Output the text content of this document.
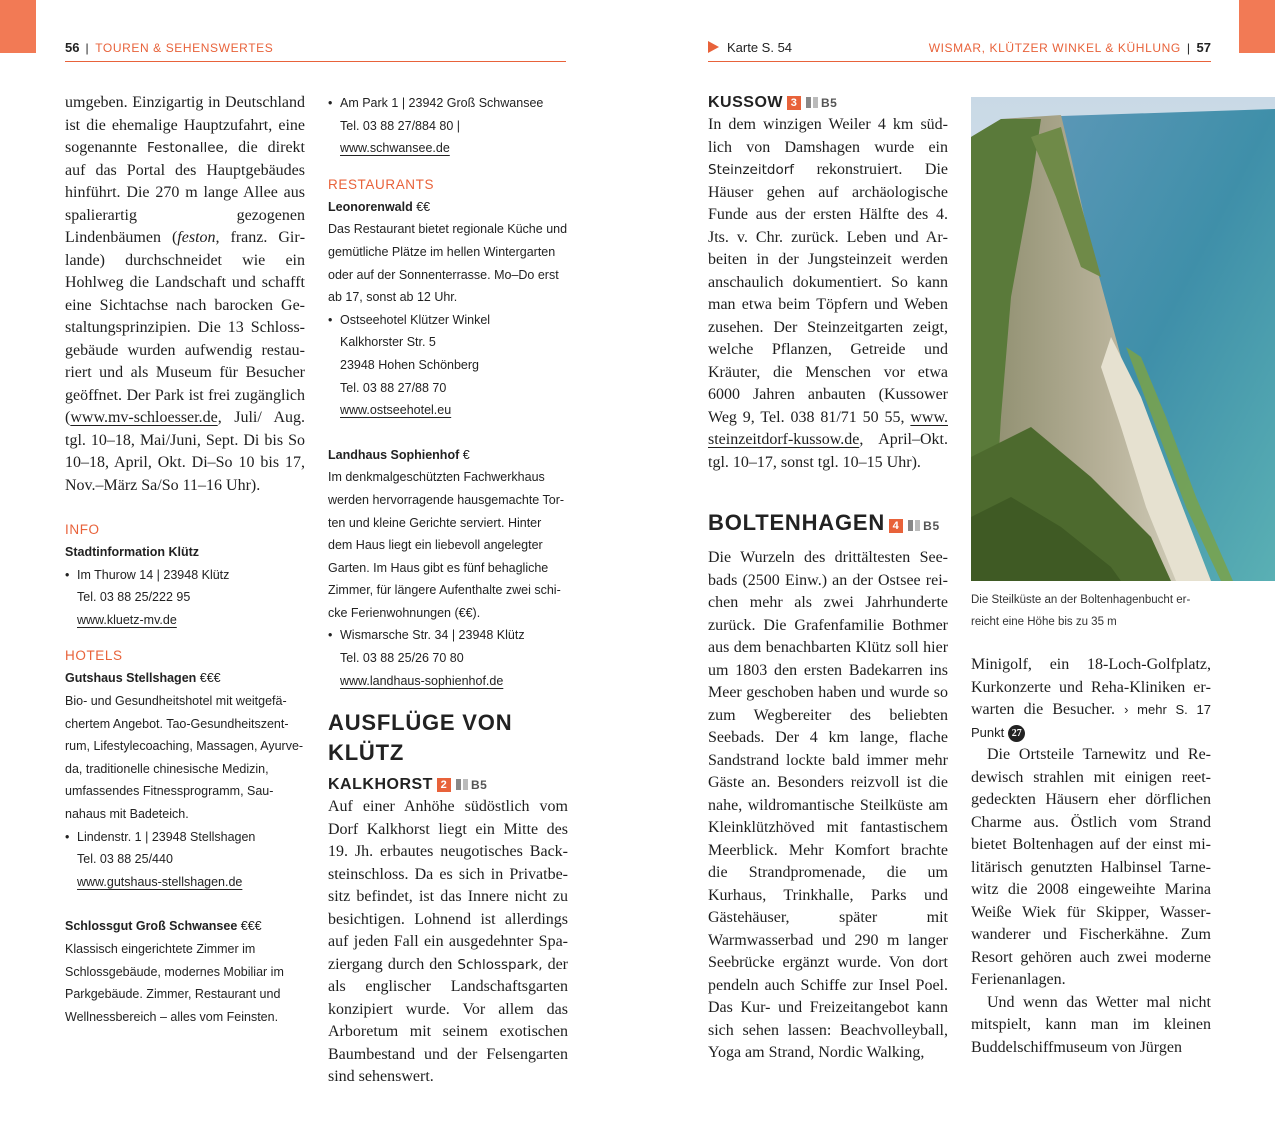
56 | TOUREN & SEHENSWERTES	Karte S. 54	WISMAR, KLÜTZER WINKEL & KÜHLUNG | 57

umgeben. Einzigartig in Deutschland ist die ehemalige Hauptzufahrt, eine sogenannte Festonallee, die direkt auf das Portal des Hauptgebäudes hinführt. Die 270 m lange Allee aus spalierartig gezogenen Lindenbäumen (feston, franz. Girlande) durchschneidet wie ein Hohlweg die Landschaft und schafft eine Sichtachse nach barocken Gestaltungsprinzipien. Die 13 Schlossgebäude wurden aufwendig restauriert und als Museum für Besucher geöffnet. Der Park ist frei zugänglich (www.mv-schloesser.de, Juli/ Aug. tgl. 10–18, Mai/Juni, Sept. Di bis So 10–18, April, Okt. Di–So 10 bis 17, Nov.–März Sa/So 11–16 Uhr).

INFO
Stadtinformation Klütz
• Im Thurow 14 | 23948 Klütz
Tel. 03 88 25/222 95
www.kluetz-mv.de
HOTELS
Gutshaus Stellshagen €€€
Bio- und Gesundheitshotel mit weitgefä-
chertem Angebot. Tao-Gesundheitszent-
rum, Lifestylecoaching, Massagen, Ayurve-
da, traditionelle chinesische Medizin,
umfassendes Fitnessprogramm, Sau-
nahaus mit Badeteich.
• Lindenstr. 1 | 23948 Stellshagen
Tel. 03 88 25/440
www.gutshaus-stellshagen.de
Schlossgut Groß Schwansee €€€
Klassisch eingerichtete Zimmer im
Schlossgebäude, modernes Mobiliar im
Parkgebäude. Zimmer, Restaurant und
Wellnessbereich – alles vom Feinsten.
• Am Park 1 | 23942 Groß Schwansee
Tel. 03 88 27/884 80 | www.schwansee.de
RESTAURANTS
Leonorenwald €€
Das Restaurant bietet regionale Küche und
gemütliche Plätze im hellen Wintergarten
oder auf der Sonnenterrasse. Mo–Do erst
ab 17, sonst ab 12 Uhr.
• Ostseehotel Klützer Winkel
Kalkhorster Str. 5
23948 Hohen Schönberg
Tel. 03 88 27/88 70
www.ostseehotel.eu
Landhaus Sophienhof €
Im denkmalgeschützten Fachwerkhaus
werden hervorragende hausgemachte Tor-
ten und kleine Gerichte serviert. Hinter
dem Haus liegt ein liebevoll angelegter
Garten. Im Haus gibt es fünf behagliche
Zimmer, für längere Aufenthalte zwei schi-
cke Ferienwohnungen (€€).
• Wismarsche Str. 34 | 23948 Klütz
Tel. 03 88 25/26 70 80
www.landhaus-sophienhof.de
AUSFLÜGE VON KLÜTZ
KALKHORST 2 B5

Auf einer Anhöhe südöstlich vom Dorf Kalkhorst liegt ein Mitte des 19. Jh. erbautes neugotisches Backsteinschloss. Da es sich in Privatbesitz befindet, ist das Innere nicht zu besichtigen. Lohnend ist allerdings auf jeden Fall ein ausgedehnter Spaziergang durch den Schlosspark, der als englischer Landschaftsgarten konzipiert wurde. Vor allem das Arboretum mit seinem exotischen Baumbestand und der Felsengarten sind sehenswert.

KUSSOW 3 B5

In dem winzigen Weiler 4 km südlich von Damshagen wurde ein Steinzeitdorf rekonstruiert. Die Häuser gehen auf archäologische Funde aus der ersten Hälfte des 4. Jts. v. Chr. zurück. Leben und Arbeiten in der Jungsteinzeit werden anschaulich dokumentiert. So kann man etwa beim Töpfern und Weben zusehen. Der Steinzeitgarten zeigt, welche Pflanzen, Getreide und Kräuter, die Menschen vor etwa 6000 Jahren anbauten (Kussower Weg 9, Tel. 038 81/71 50 55, www. steinzeitdorf-kussow.de, April–Okt. tgl. 10–17, sonst tgl. 10–15 Uhr).

BOLTENHAGEN 4 B5

Die Wurzeln des drittältesten Seebads (2500 Einw.) an der Ostsee reichen mehr als zwei Jahrhunderte zurück. Die Grafenfamilie Bothmer aus dem benachbarten Klütz soll hier um 1803 den ersten Badekarren ins Meer geschoben haben und wurde so zum Wegbereiter des beliebten Seebads. Der 4 km lange, flache Sandstrand lockte bald immer mehr Gäste an. Besonders reizvoll ist die nahe, wildromantische Steilküste am Kleinklützhöved mit fantastischem Meerblick. Mehr Komfort brachte die Strandpromenade, die um Kurhaus, Trinkhalle, Parks und Gästehäuser, später mit Warmwasserbad und 290 m langer Seebrücke ergänzt wurde. Von dort pendeln auch Schiffe zur Insel Poel. Das Kur- und Freizeitangebot kann sich sehen lassen: Beachvolleyball, Yoga am Strand, Nordic Walking,

Die Steilküste an der Boltenhagenbucht er-
reicht eine Höhe bis zu 35 m

Minigolf, ein 18-Loch-Golfplatz, Kurkonzerte und Reha-Kliniken erwarten die Besucher. › mehr S. 17 Punkt 27

Die Ortsteile Tarnewitz und Redewisch strahlen mit einigen reetgedeckten Häusern eher dörflichen Charme aus. Östlich vom Strand bietet Boltenhagen auf der einst militärisch genutzten Halbinsel Tarnewitz die 2008 eingeweihte Marina Weiße Wiek für Skipper, Wasserwanderer und Fischerkähne. Zum Resort gehören auch zwei moderne Ferienanlagen.

Und wenn das Wetter mal nicht mitspielt, kann man im kleinen Buddelschiffmuseum von Jürgen
